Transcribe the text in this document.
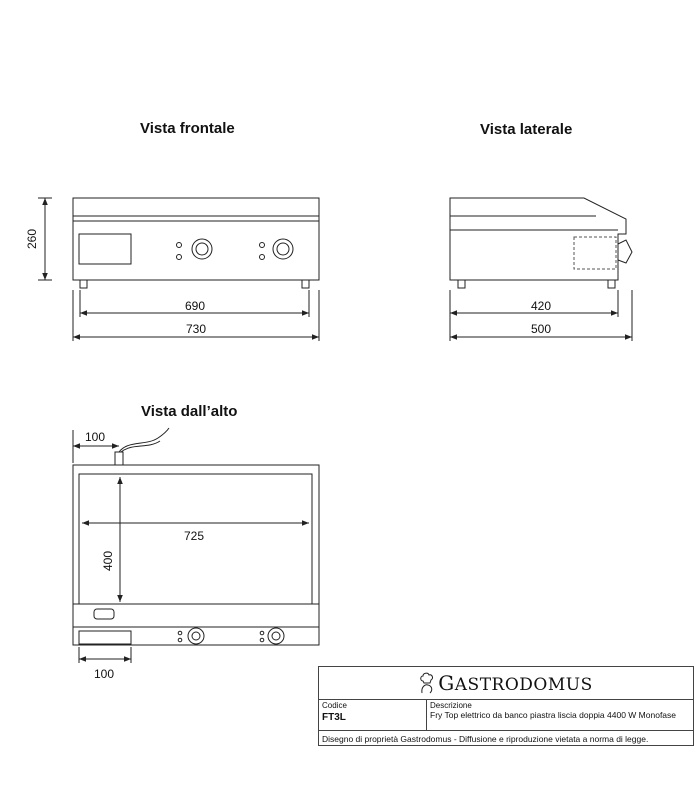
Vista frontale	Vista laterale
Vista dall’alto
260
690
730
420
500
100
725
400
100	GASTRODOMUS
Codice
FT3L
Descrizione
Fry Top elettrico da banco piastra liscia doppia 4400 W Monofase
Disegno di proprietà Gastrodomus - Diffusione e riproduzione vietata a norma di legge.
